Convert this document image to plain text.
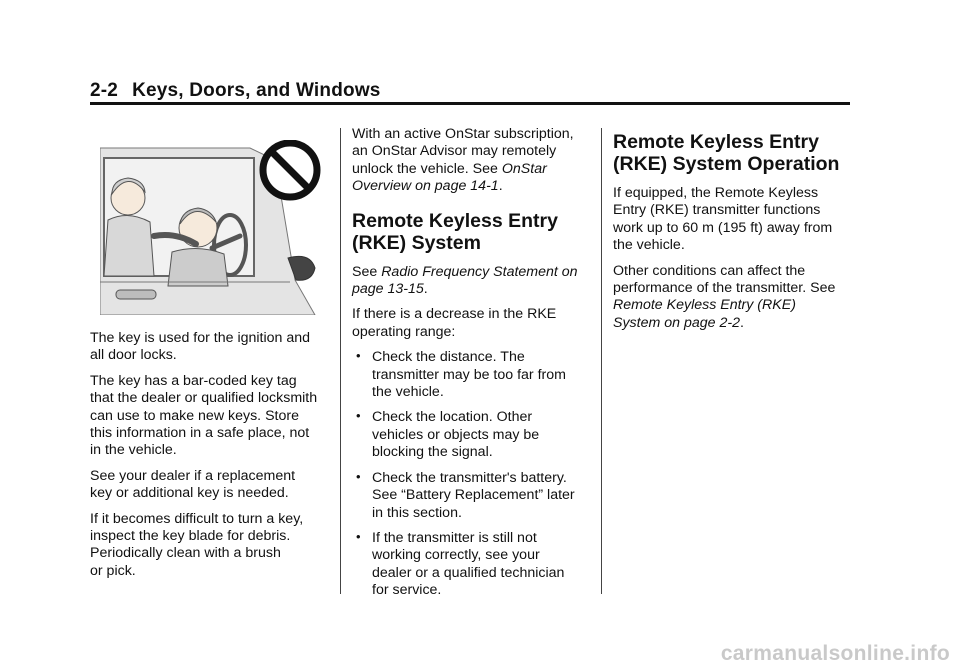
2-2 Keys, Doors, and Windows

The key is used for the ignition and
all door locks.

The key has a bar-coded key tag
that the dealer or qualified locksmith
can use to make new keys. Store
this information in a safe place, not
in the vehicle.

See your dealer if a replacement
key or additional key is needed.

If it becomes difficult to turn a key,
inspect the key blade for debris.
Periodically clean with a brush
or pick.

With an active OnStar subscription,
an OnStar Advisor may remotely
unlock the vehicle. See OnStar
Overview on page 14-1.

Remote Keyless Entry
(RKE) System

See Radio Frequency Statement on
page 13-15.

If there is a decrease in the RKE
operating range:

• Check the distance. The
transmitter may be too far from
the vehicle.
• Check the location. Other
vehicles or objects may be
blocking the signal.
• Check the transmitter's battery.
See “Battery Replacement” later
in this section.
• If the transmitter is still not
working correctly, see your
dealer or a qualified technician
for service.
Remote Keyless Entry
(RKE) System Operation

If equipped, the Remote Keyless
Entry (RKE) transmitter functions
work up to 60 m (195 ft) away from
the vehicle.

Other conditions can affect the
performance of the transmitter. See
Remote Keyless Entry (RKE)
System on page 2-2.

carmanualsonline.info
